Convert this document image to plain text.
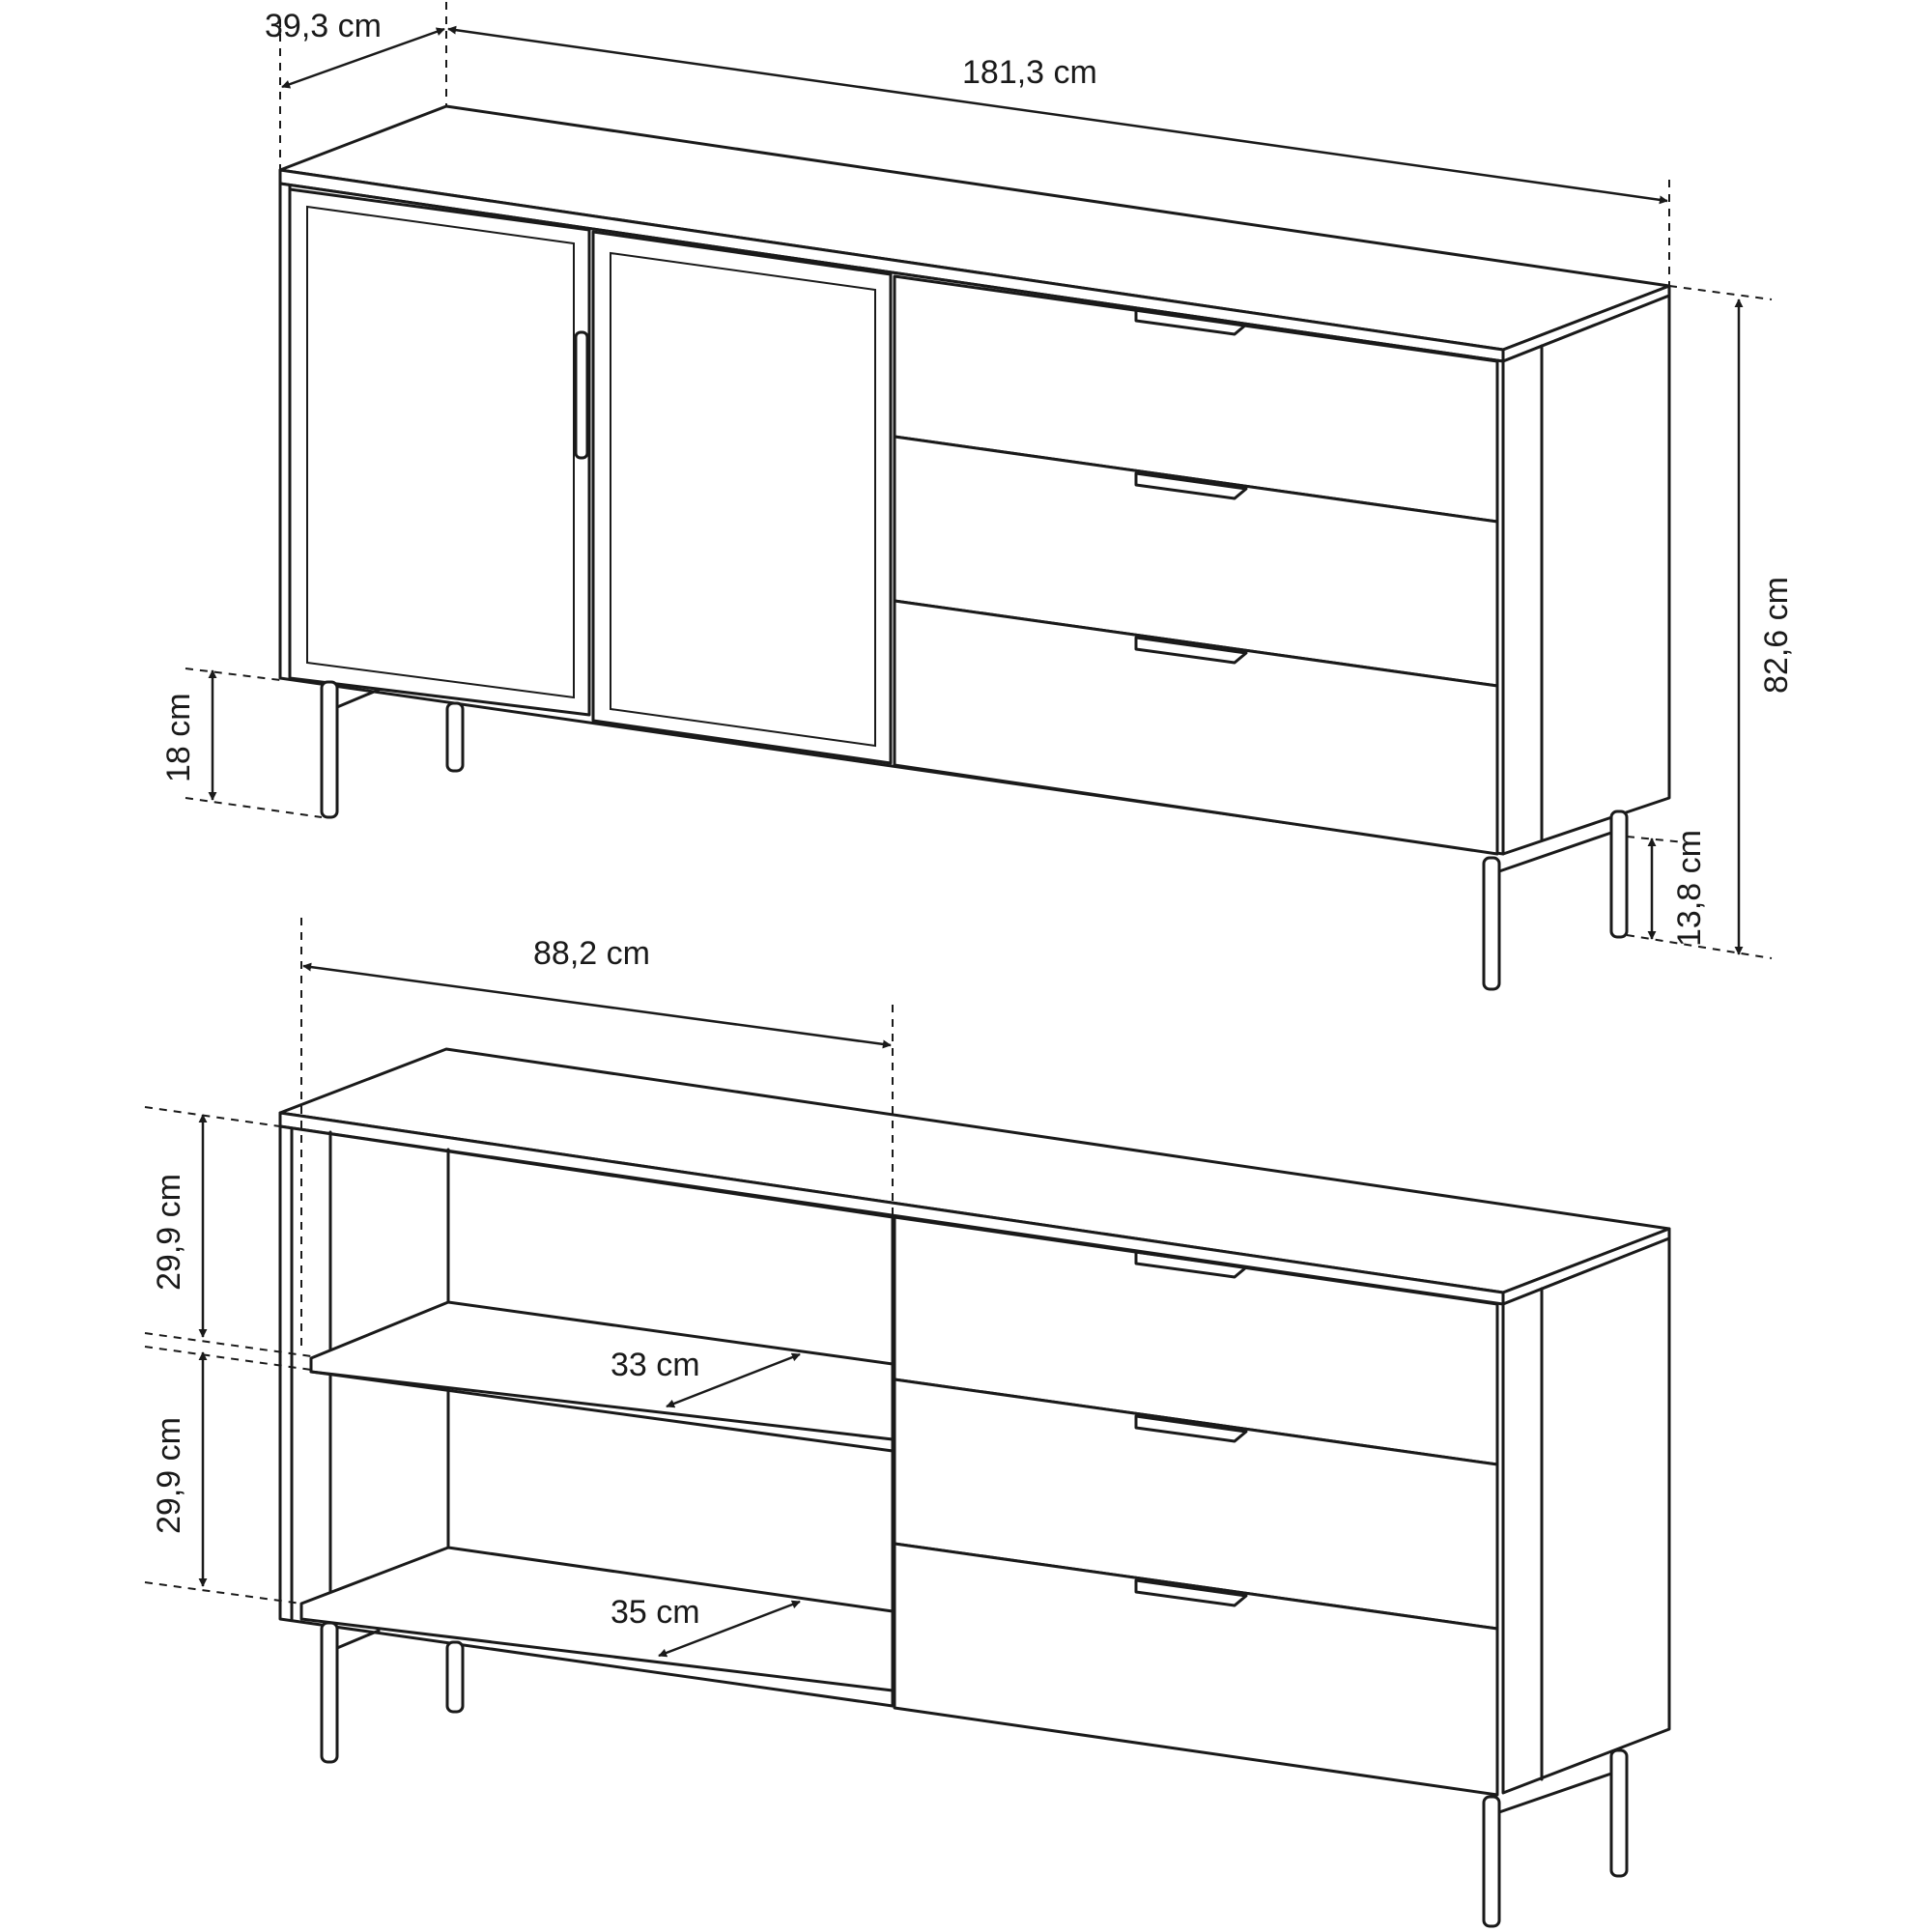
39,3 cm
181,3 cm
82,6 cm
18 cm
13,8 cm
88,2 cm
29,9 cm
29,9 cm
33 cm
35 cm
